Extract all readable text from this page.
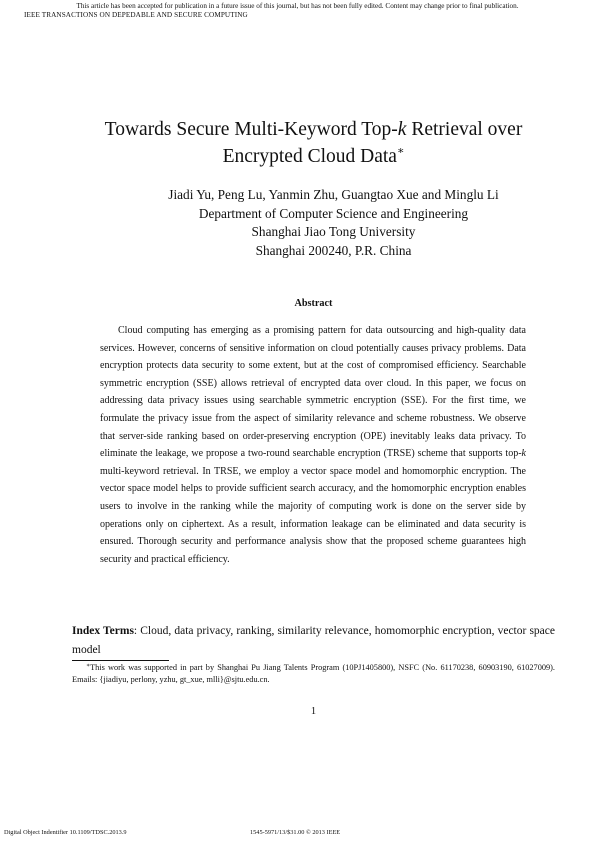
This article has been accepted for publication in a future issue of this journal, but has not been fully edited. Content may change prior to final publication.
IEEE TRANSACTIONS ON DEPEDABLE AND SECURE COMPUTING
Towards Secure Multi-Keyword Top-k Retrieval over
Encrypted Cloud Data∗
Jiadi Yu, Peng Lu, Yanmin Zhu, Guangtao Xue and Minglu Li
Department of Computer Science and Engineering
Shanghai Jiao Tong University
Shanghai 200240, P.R. China
Abstract
Cloud computing has emerging as a promising pattern for data outsourcing and high-quality data services. However, concerns of sensitive information on cloud potentially causes privacy problems. Data encryption protects data security to some extent, but at the cost of compromised efficiency. Searchable symmetric encryption (SSE) allows retrieval of encrypted data over cloud. In this paper, we focus on addressing data privacy issues using searchable symmetric encryption (SSE). For the first time, we formulate the privacy issue from the aspect of similarity relevance and scheme robustness. We observe that server-side ranking based on order-preserving encryption (OPE) inevitably leaks data privacy. To eliminate the leakage, we propose a two-round searchable encryption (TRSE) scheme that supports top-k multi-keyword retrieval. In TRSE, we employ a vector space model and homomorphic encryption. The vector space model helps to provide sufficient search accuracy, and the homomorphic encryption enables users to involve in the ranking while the majority of computing work is done on the server side by operations only on ciphertext. As a result, information leakage can be eliminated and data security is ensured. Thorough security and performance analysis show that the proposed scheme guarantees high security and practical efficiency.
Index Terms: Cloud, data privacy, ranking, similarity relevance, homomorphic encryption, vector space model
∗This work was supported in part by Shanghai Pu Jiang Talents Program (10PJ1405800), NSFC (No. 61170238, 60903190, 61027009). Emails: {jiadiyu, perlony, yzhu, gt_xue, mlli}@sjtu.edu.cn.
1
Digital Object Indentifier 10.1109/TDSC.2013.9	1545-5971/13/$31.00 © 2013 IEEE
